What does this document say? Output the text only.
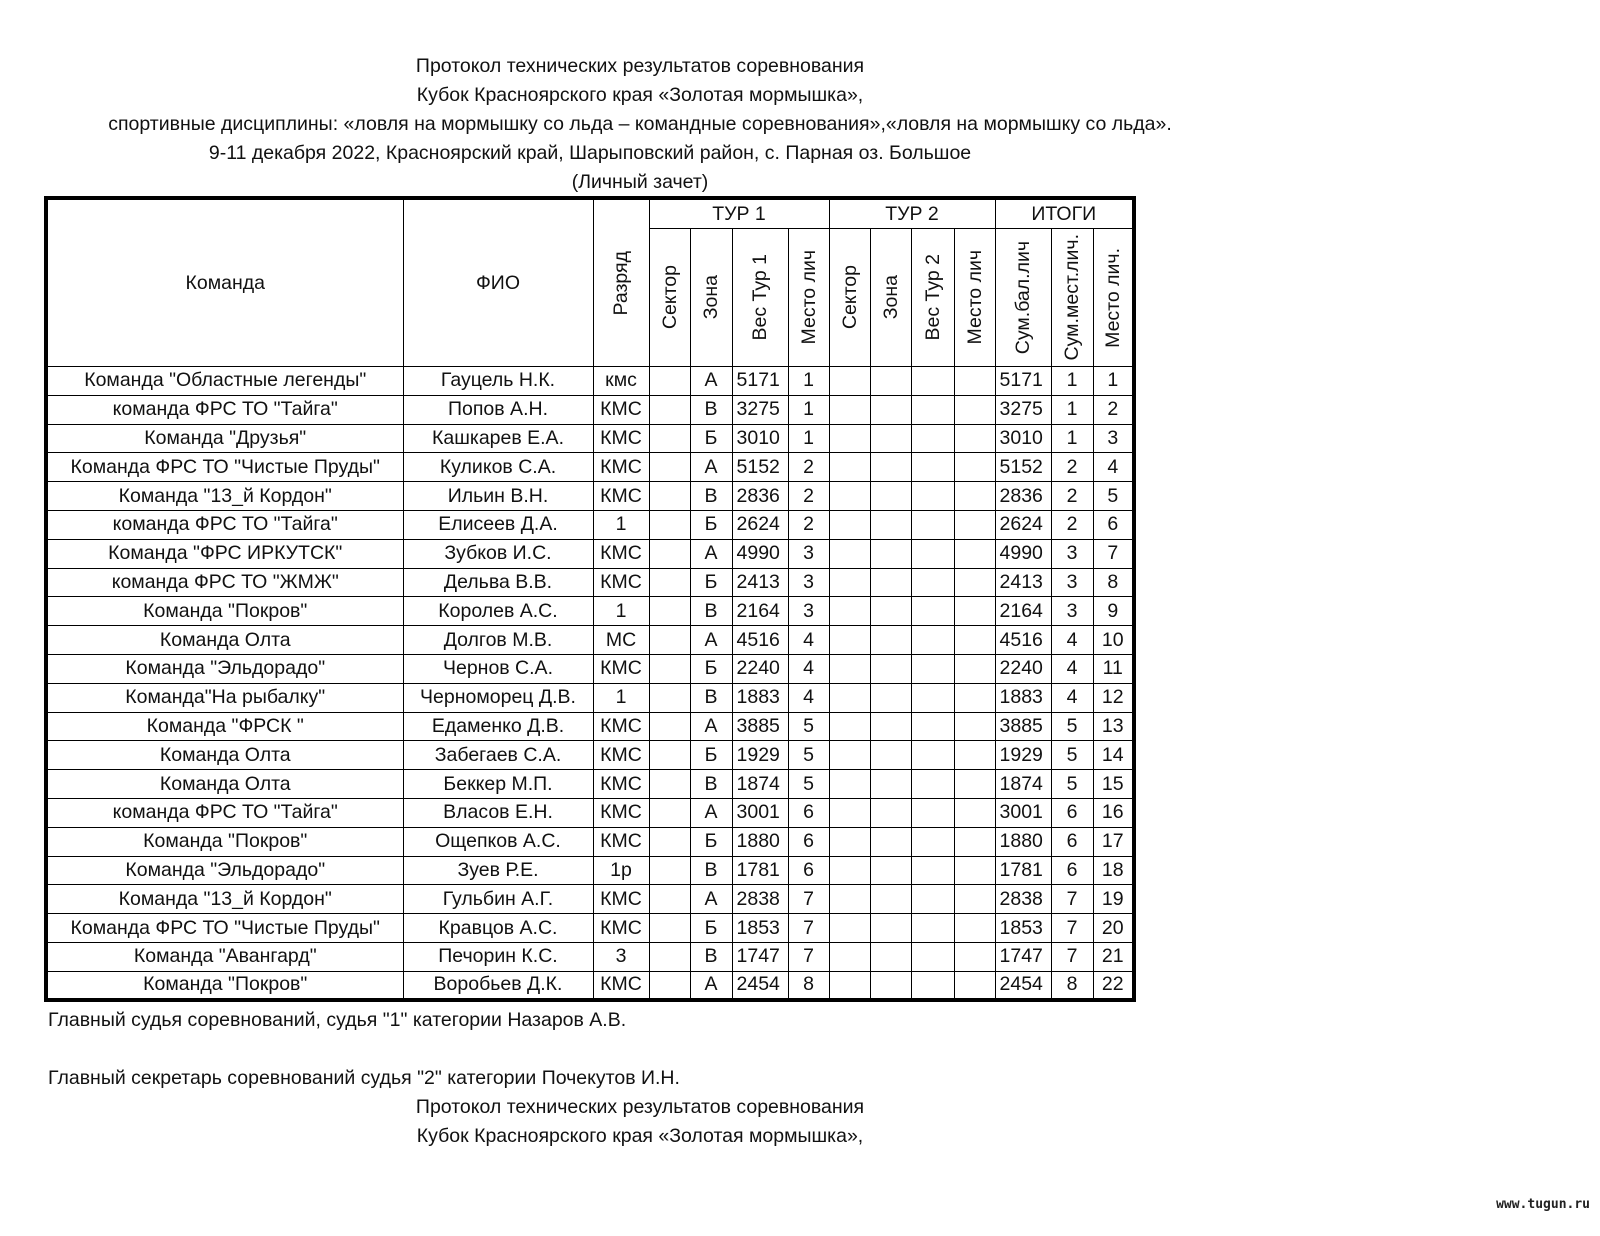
Протокол технических результатов соревнования
Кубок Красноярского края «Золотая мормышка»,
спортивные дисциплины: «ловля на мормышку со льда – командные соревнования»,«ловля на мормышку со льда».
9-11 декабря 2022, Красноярский край, Шарыповский район, с. Парная оз. Большое
(Личный зачет)
Команда	ФИО	Разряд	ТУР 1				ТУР 2				ИТОГИ		

			Сектор	Зона	Вес Тур 1	Место лич	Сектор	Зона	Вес Тур 2	Место лич	Сум.бал.лич	Сум.мест.лич.	Место лич.

Команда "Областные легенды"	Гауцель Н.К.	кмс		А	5171	1					5171	1	1
команда ФРС ТО "Тайга"	Попов А.Н.	КМС		В	3275	1					3275	1	2
Команда "Друзья"	Кашкарев Е.А.	КМС		Б	3010	1					3010	1	3
Команда ФРС ТО "Чистые Пруды"	Куликов С.А.	КМС		А	5152	2					5152	2	4
Команда "13_й Кордон"	Ильин В.Н.	КМС		В	2836	2					2836	2	5
команда ФРС ТО "Тайга"	Елисеев Д.А.	1		Б	2624	2					2624	2	6
Команда "ФРС ИРКУТСК"	Зубков И.С.	КМС		А	4990	3					4990	3	7
команда ФРС ТО "ЖМЖ"	Дельва В.В.	КМС		Б	2413	3					2413	3	8
Команда "Покров"	Королев А.С.	1		В	2164	3					2164	3	9
Команда Олта	Долгов М.В.	МС		А	4516	4					4516	4	10
Команда "Эльдорадо"	Чернов С.А.	КМС		Б	2240	4					2240	4	11
Команда"На рыбалку"	Черноморец Д.В.	1		В	1883	4					1883	4	12
Команда "ФРСК "	Едаменко Д.В.	КМС		А	3885	5					3885	5	13
Команда Олта	Забегаев С.А.	КМС		Б	1929	5					1929	5	14
Команда Олта	Беккер М.П.	КМС		В	1874	5					1874	5	15
команда ФРС ТО "Тайга"	Власов Е.Н.	КМС		А	3001	6					3001	6	16
Команда "Покров"	Ощепков А.С.	КМС		Б	1880	6					1880	6	17
Команда "Эльдорадо"	Зуев Р.Е.	1р		В	1781	6					1781	6	18
Команда "13_й Кордон"	Гульбин А.Г.	КМС		А	2838	7					2838	7	19
Команда ФРС ТО "Чистые Пруды"	Кравцов А.С.	КМС		Б	1853	7					1853	7	20
Команда "Авангард"	Печорин К.С.	3		В	1747	7					1747	7	21
Команда "Покров"	Воробьев Д.К.	КМС		А	2454	8					2454	8	22
Главный судья соревнований, судья "1" категории Назаров А.В.
Главный секретарь соревнований судья "2" категории Почекутов И.Н.
Протокол технических результатов соревнования
Кубок Красноярского края «Золотая мормышка»,
www.tugun.ru
